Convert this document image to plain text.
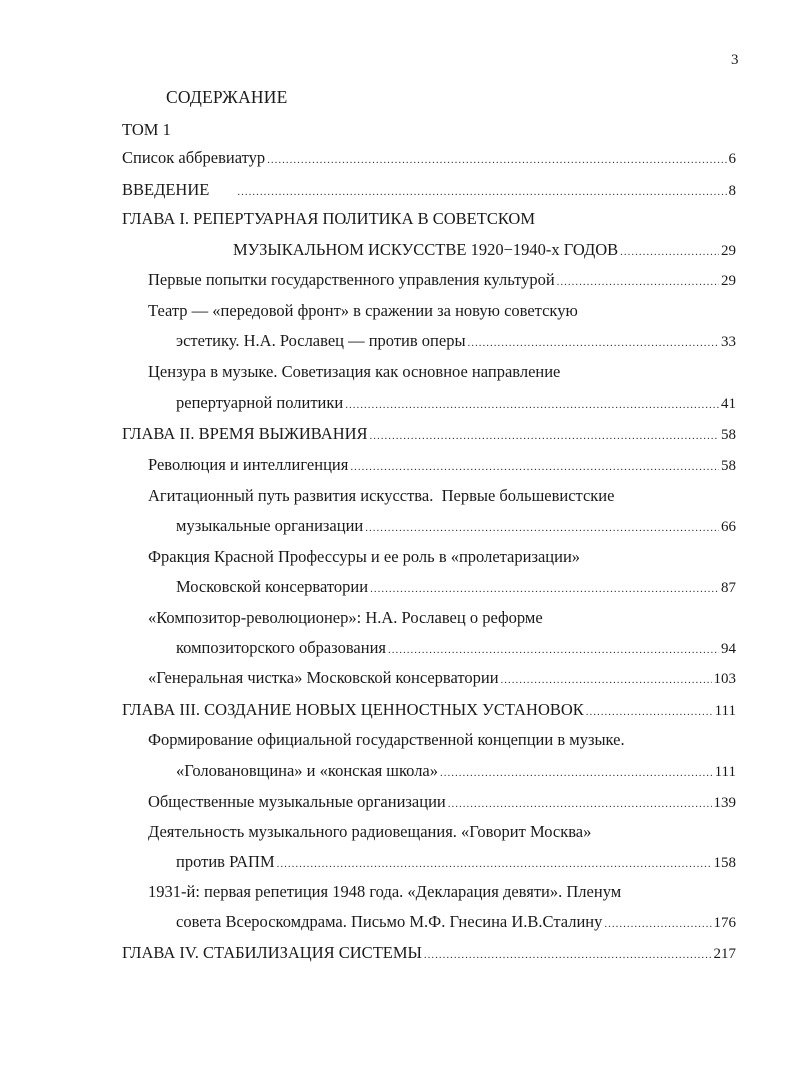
3
СОДЕРЖАНИЕ
ТОМ 1
Список аббревиатур .....	6
ВВЕДЕНИЕ .....	8
ГЛАВА I. РЕПЕРТУАРНАЯ ПОЛИТИКА В СОВЕТСКОМ
МУЗЫКАЛЬНОМ ИСКУССТВЕ 1920−1940-х ГОДОВ .....	29
Первые попытки государственного управления культурой .....	29
Театр — «передовой фронт» в сражении за новую советскую
эстетику. Н.А. Рославец — против оперы .....	33
Цензура в музыке. Советизация как основное направление
репертуарной политики .....	41
ГЛАВА II. ВРЕМЯ ВЫЖИВАНИЯ .....	58
Революция и интеллигенция .....	58
Агитационный путь развития искусства.  Первые большевистские
музыкальные организации .....	66
Фракция Красной Профессуры и ее роль в «пролетаризации»
Московской консерватории .....	87
«Композитор-революционер»: Н.А. Рославец о реформе
композиторского образования .....	94
«Генеральная чистка» Московской консерватории .....	103
ГЛАВА III. СОЗДАНИЕ НОВЫХ ЦЕННОСТНЫХ УСТАНОВОК .....	111
Формирование официальной государственной концепции в музыке.
«Головановщина» и «конская школа» .....	111
Общественные музыкальные организации .....	139
Деятельность музыкального радиовещания. «Говорит Москва»
против РАПМ .....	158
1931-й: первая репетиция 1948 года. «Декларация девяти». Пленум
совета Всероскомдрама. Письмо М.Ф. Гнесина И.В.Сталину .....	176
ГЛАВА IV. СТАБИЛИЗАЦИЯ СИСТЕМЫ .....	217
